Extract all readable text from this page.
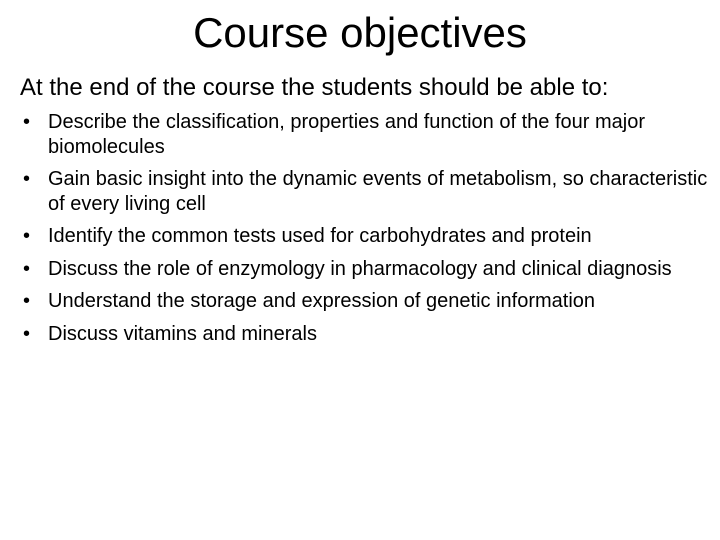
Course objectives

At the end of the course the students should be able to:

• Describe the classification, properties and function of the four major biomolecules
• Gain basic insight into the dynamic events of metabolism, so characteristic of every living cell
• Identify the common tests used for carbohydrates and protein
• Discuss the role of enzymology in pharmacology and clinical diagnosis
• Understand the storage and expression of genetic information
• Discuss vitamins and minerals
